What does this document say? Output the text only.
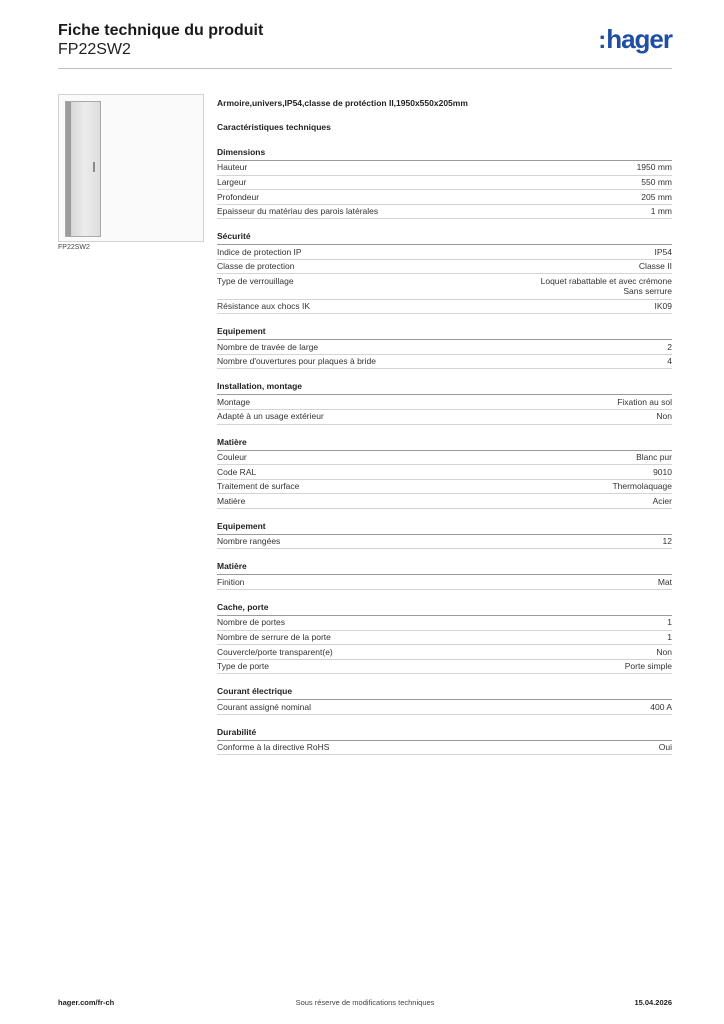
Fiche technique du produit
FP22SW2	:hager
FP22SW2
Armoire,univers,IP54,classe de protéction II,1950x550x205mm
Caractéristiques techniques
Dimensions
Hauteur	1950 mm
Largeur	550 mm
Profondeur	205 mm
Epaisseur du matériau des parois latérales	1 mm
Sécurité
Indice de protection IP	IP54
Classe de protection	Classe II
Type de verrouillage	Loquet rabattable et avec crémone
Sans serrure
Résistance aux chocs IK	IK09
Equipement
Nombre de travée de large	2
Nombre d'ouvertures pour plaques à bride	4
Installation, montage
Montage	Fixation au sol
Adapté à un usage extérieur	Non
Matière
Couleur	Blanc pur
Code RAL	9010
Traitement de surface	Thermolaquage
Matière	Acier
Equipement
Nombre rangées	12
Matière
Finition	Mat
Cache, porte
Nombre de portes	1
Nombre de serrure de la porte	1
Couvercle/porte transparent(e)	Non
Type de porte	Porte simple
Courant électrique
Courant assigné nominal	400 A
Durabilité
Conforme à la directive RoHS	Oui
hager.com/fr-ch	Sous réserve de modifications techniques	15.04.2026
